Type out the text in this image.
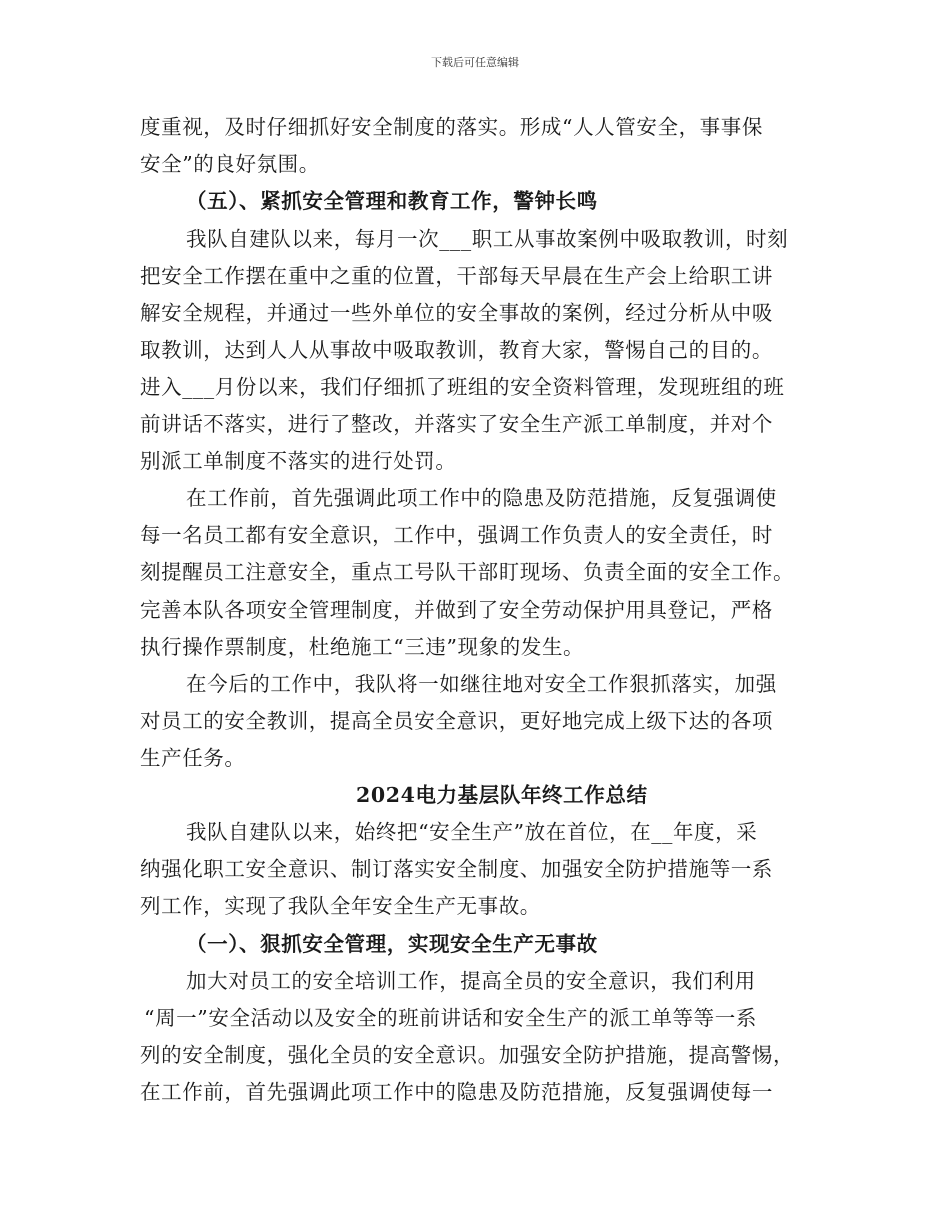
下载后可任意编辑
度重视，及时仔细抓好安全制度的落实。形成“人人管安全，事事保
安全”的良好氛围。
（五）、紧抓安全管理和教育工作，警钟长鸣
我队自建队以来，每月一次___职工从事故案例中吸取教训，时刻
把安全工作摆在重中之重的位置，干部每天早晨在生产会上给职工讲
解安全规程，并通过一些外单位的安全事故的案例，经过分析从中吸
取教训，达到人人从事故中吸取教训，教育大家，警惕自己的目的。
进入___月份以来，我们仔细抓了班组的安全资料管理，发现班组的班
前讲话不落实，进行了整改，并落实了安全生产派工单制度，并对个
别派工单制度不落实的进行处罚。
在工作前，首先强调此项工作中的隐患及防范措施，反复强调使
每一名员工都有安全意识，工作中，强调工作负责人的安全责任，时
刻提醒员工注意安全，重点工号队干部盯现场、负责全面的安全工作。
完善本队各项安全管理制度，并做到了安全劳动保护用具登记，严格
执行操作票制度，杜绝施工“三违”现象的发生。
在今后的工作中，我队将一如继往地对安全工作狠抓落实，加强
对员工的安全教训，提高全员安全意识，更好地完成上级下达的各项
生产任务。
2024电力基层队年终工作总结
我队自建队以来，始终把“安全生产”放在首位，在__年度，采
纳强化职工安全意识、制订落实安全制度、加强安全防护措施等一系
列工作，实现了我队全年安全生产无事故。
（一）、狠抓安全管理，实现安全生产无事故
加大对员工的安全培训工作，提高全员的安全意识，我们利用
“周一”安全活动以及安全的班前讲话和安全生产的派工单等等一系
列的安全制度，强化全员的安全意识。加强安全防护措施，提高警惕，
在工作前，首先强调此项工作中的隐患及防范措施，反复强调使每一
